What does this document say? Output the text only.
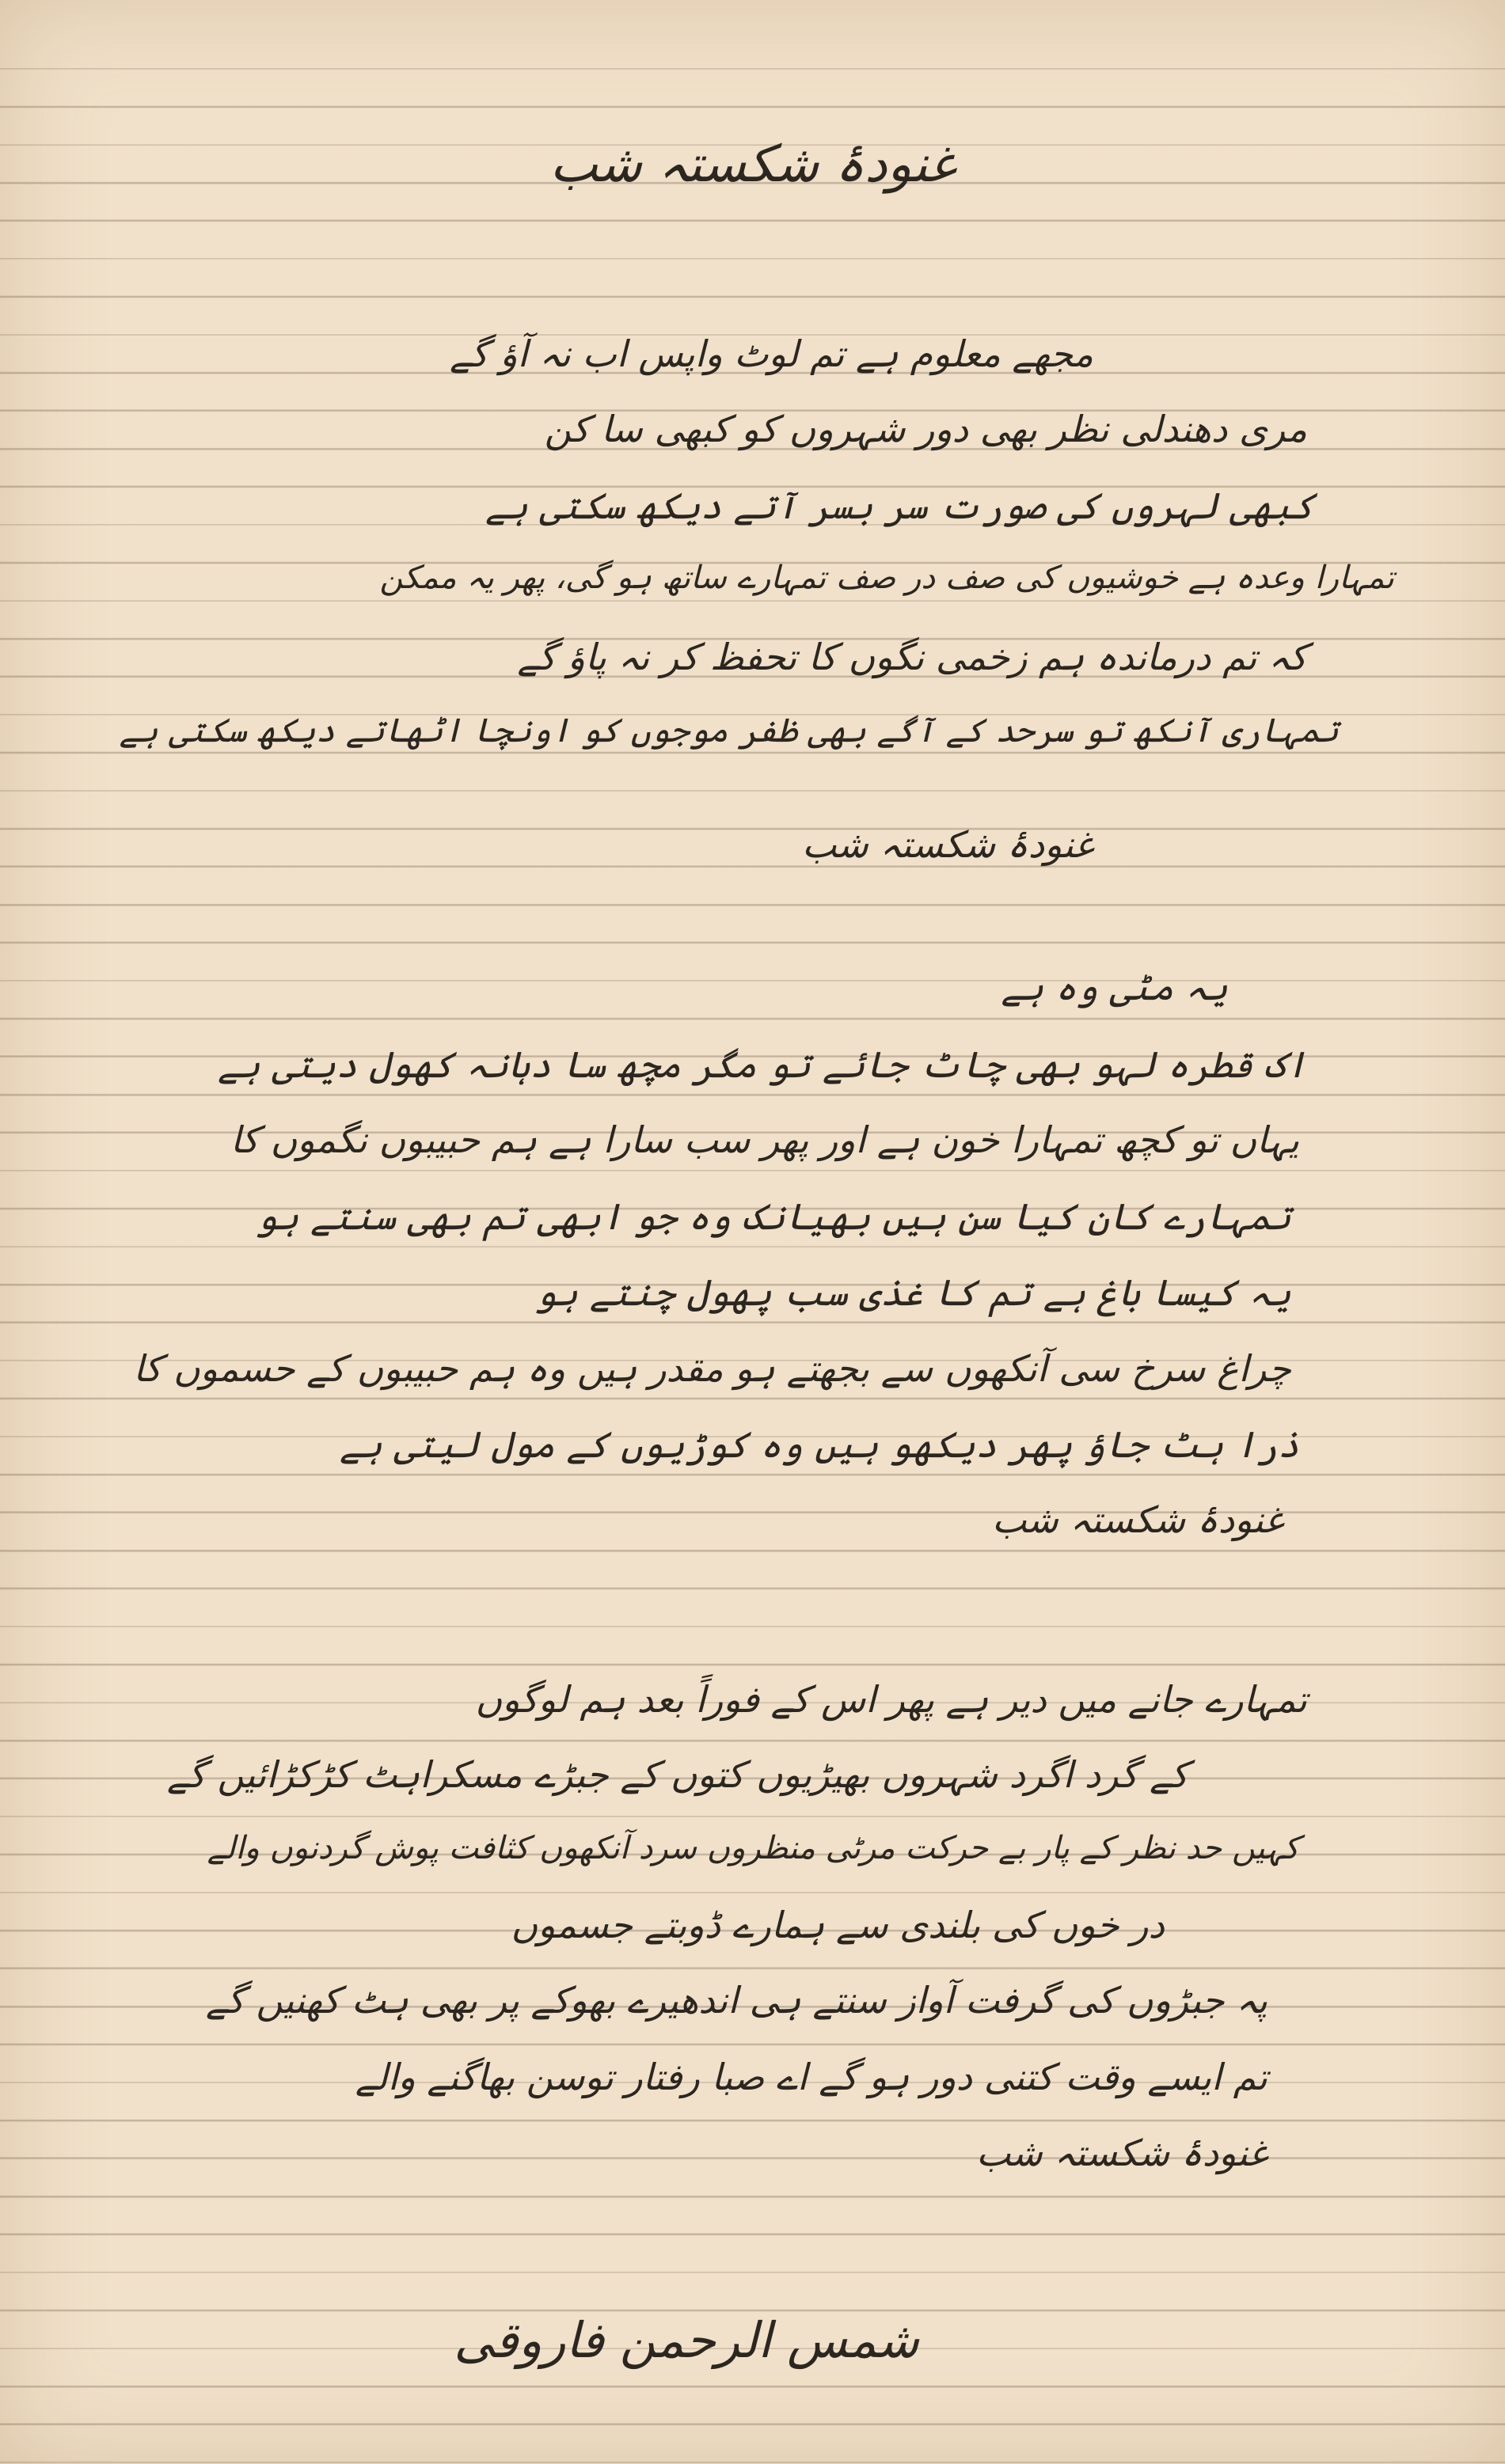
غنودۂ شکستہ شب
مجھے معلوم ہے تم لوٹ واپس اب نہ آؤ گے
مری دھندلی نظر بھی دور شہروں کو کبھی سا کن
کبھی لہروں کی صورت سر بسر آتے دیکھ سکتی ہے
تمہارا وعدہ ہے خوشیوں کی صف در صف تمہارے ساتھ ہو گی، پھر یہ ممکن
کہ تم درماندہ ہم زخمی نگوں کا تحفظ کر نہ پاؤ گے
تمہاری آنکھ تو سرحد کے آگے بھی ظفر موجوں کو اونچا اٹھاتے دیکھ سکتی ہے
غنودۂ شکستہ شب
یہ مٹی وہ ہے
اک قطرہ لہو بھی چاٹ جائے تو مگر مچھ سا دہانہ کھول دیتی ہے
یہاں تو کچھ تمہارا خون ہے اور پھر سب سارا ہے ہم حبیبوں نگموں کا
تمہارے کان کیا سن ہیں بھیانک وہ جو ابھی تم بھی سنتے ہو
یہ کیسا باغ ہے تم کا غذی سب پھول چنتے ہو
چراغ سرخ سی آنکھوں سے بجھتے ہو مقدر ہیں وہ ہم حبیبوں کے حسموں کا
ذرا ہٹ جاؤ پھر دیکھو ہیں وہ کوڑیوں کے مول لیتی ہے
غنودۂ شکستہ شب
تمہارے جانے میں دیر ہے پھر اس کے فوراً بعد ہم لوگوں
کے گرد اگرد شہروں بھیڑیوں کتوں کے جبڑے مسکراہٹ کڑکڑائیں گے
کہیں حد نظر کے پار بے حرکت مرٹی منظروں سرد آنکھوں کثافت پوش گردنوں والے
در خوں کی بلندی سے ہمارے ڈوبتے جسموں
پہ جبڑوں کی گرفت آواز سنتے ہی اندھیرے بھوکے پر بھی ہٹ کھنیں گے
تم ایسے وقت کتنی دور ہو گے اے صبا رفتار توسن بھاگنے والے
غنودۂ شکستہ شب
شمس الرحمن فاروقی
